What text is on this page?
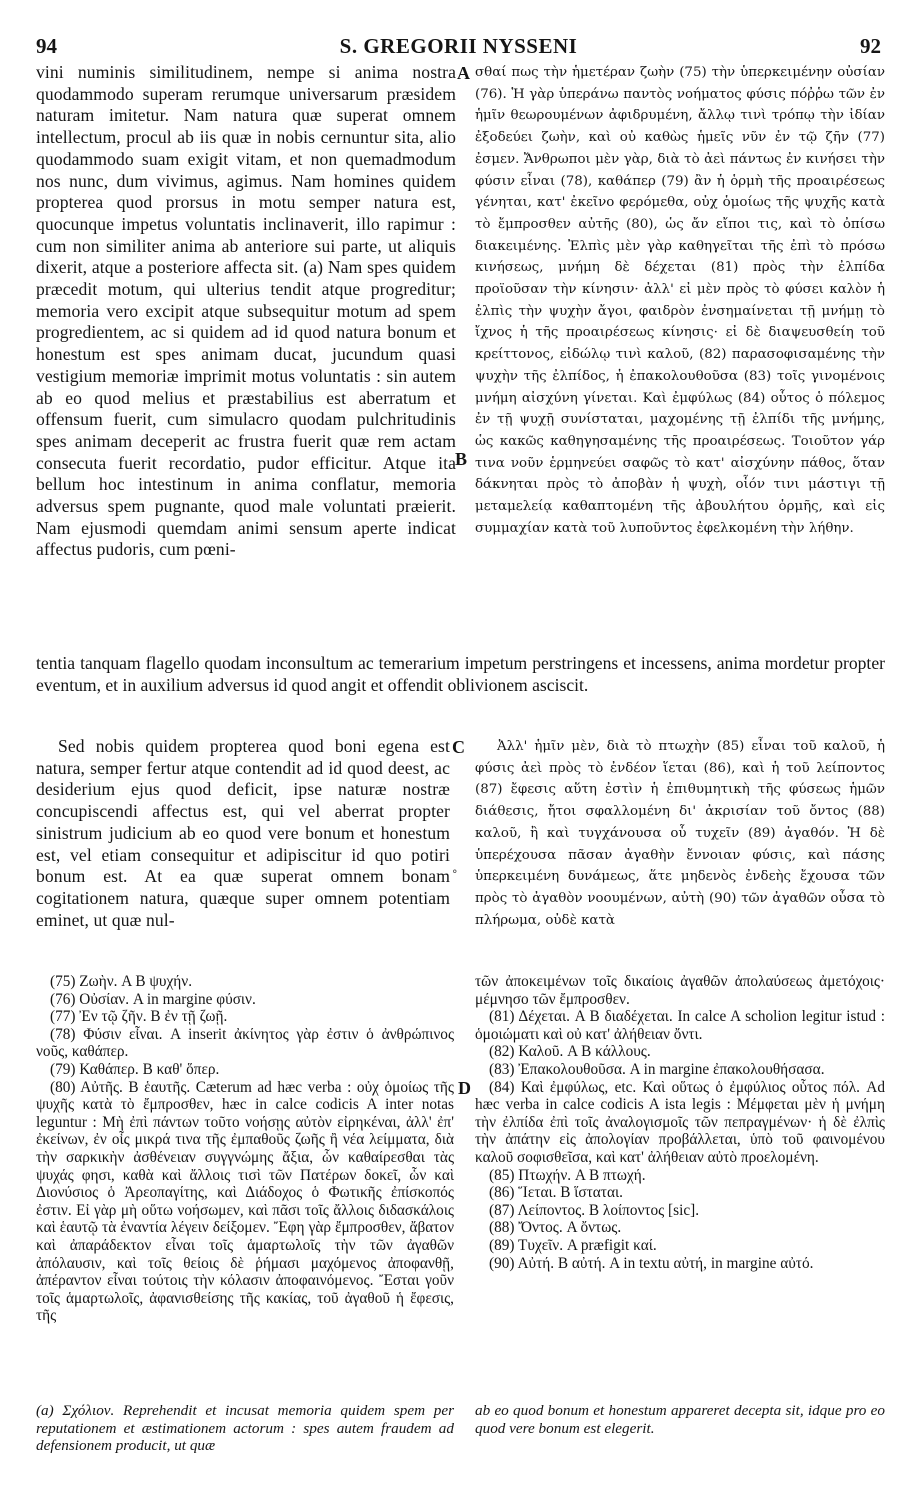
94	S. GREGORII NYSSENI	92
vini numinis similitudinem, nempe si anima nostra quodammodo superam rerumque universarum præsidem naturam imitetur. Nam natura quæ superat omnem intellectum, procul ab iis quæ in nobis cernuntur sita, alio quodammodo suam exigit vitam, et non quemadmodum nos nunc, dum vivimus, agimus. Nam homines quidem propterea quod prorsus in motu semper natura est, quocunque impetus voluntatis inclinaverit, illo rapimur : cum non similiter anima ab anteriore sui parte, ut aliquis dixerit, atque a posteriore affecta sit. (a) Nam spes quidem præcedit motum, qui ulterius tendit atque progreditur; memoria vero excipit atque subsequitur motum ad spem progredientem, ac si quidem ad id quod natura bonum et honestum est spes animam ducat, jucundum quasi vestigium memoriæ imprimit motus voluntatis : sin autem ab eo quod melius et præstabilius est aberratum et offensum fuerit, cum simulacro quodam pulchritudinis spes animam deceperit ac frustra fuerit quæ rem actam consecuta fuerit recordatio, pudor efficitur. Atque ita bellum hoc intestinum in anima conflatur, memoria adversus spem pugnante, quod male voluntati præierit. Nam ejusmodi quemdam animi sensum aperte indicat affectus pudoris, cum pœni-
A
B
σθαί πως τὴν ἡμετέραν ζωὴν (75) τὴν ὑπερκειμένην οὐσίαν (76). Ἡ γὰρ ὑπεράνω παντὸς νοήματος φύσις πόῤῥω τῶν ἐν ἡμῖν θεωρουμένων ἀφιδρυμένη, ἄλλῳ τινὶ τρόπῳ τὴν ἰδίαν ἐξοδεύει ζωὴν, καὶ οὐ καθὼς ἡμεῖς νῦν ἐν τῷ ζῆν (77) ἐσμεν. Ἄνθρωποι μὲν γὰρ, διὰ τὸ ἀεὶ πάντως ἐν κινήσει τὴν φύσιν εἶναι (78), καθάπερ (79) ἂν ἡ ὁρμὴ τῆς προαιρέσεως γένηται, κατ' ἐκεῖνο φερόμεθα, οὐχ ὁμοίως τῆς ψυχῆς κατὰ τὸ ἔμπροσθεν αὐτῆς (80), ὡς ἄν εἴποι τις, καὶ τὸ ὀπίσω διακειμένης. Ἐλπὶς μὲν γὰρ καθηγεῖται τῆς ἐπὶ τὸ πρόσω κινήσεως, μνήμη δὲ δέχεται (81) πρὸς τὴν ἐλπίδα προϊοῦσαν τὴν κίνησιν· ἀλλ' εἰ μὲν πρὸς τὸ φύσει καλὸν ἡ ἐλπὶς τὴν ψυχὴν ἄγοι, φαιδρὸν ἐνσημαίνεται τῇ μνήμῃ τὸ ἴχνος ἡ τῆς προαιρέσεως κίνησις· εἰ δὲ διαψευσθείη τοῦ κρείττονος, εἰδώλῳ τινὶ καλοῦ, (82) παρασοφισαμένης τὴν ψυχὴν τῆς ἐλπίδος, ἡ ἐπακολουθοῦσα (83) τοῖς γινομένοις μνήμη αἰσχύνη γίνεται. Καὶ ἐμφύλως (84) οὗτος ὁ πόλεμος ἐν τῇ ψυχῇ συνίσταται, μαχομένης τῇ ἐλπίδι τῆς μνήμης, ὡς κακῶς καθηγησαμένης τῆς προαιρέσεως. Τοιοῦτον γάρ τινα νοῦν ἑρμηνεύει σαφῶς τὸ κατ' αἰσχύνην πάθος, ὅταν δάκνηται πρὸς τὸ ἀποβὰν ἡ ψυχὴ, οἷόν τινι μάστιγι τῇ μεταμελείᾳ καθαπτομένη τῆς ἀβουλήτου ὁρμῆς, καὶ εἰς συμμαχίαν κατὰ τοῦ λυποῦντος ἐφελκομένη τὴν λήθην.
tentia tanquam flagello quodam inconsultum ac temerarium impetum perstringens et incessens, anima mordetur propter eventum, et in auxilium adversus id quod angit et offendit oblivionem asciscit.
Sed nobis quidem propterea quod boni egena est natura, semper fertur atque contendit ad id quod deest, ac desiderium ejus quod deficit, ipse naturæ nostræ concupiscendi affectus est, qui vel aberrat propter sinistrum judicium ab eo quod vere bonum et honestum est, vel etiam consequitur et adipiscitur id quo potiri bonum est. At ea quæ superat omnem bonam cogitationem natura, quæque super omnem potentiam eminet, ut quæ nul-
C
°
Ἀλλ' ἡμῖν μὲν, διὰ τὸ πτωχὴν (85) εἶναι τοῦ καλοῦ, ἡ φύσις ἀεὶ πρὸς τὸ ἐνδέον ἵεται (86), καὶ ἡ τοῦ λείποντος (87) ἔφεσις αὕτη ἐστὶν ἡ ἐπιθυμητικὴ τῆς φύσεως ἡμῶν διάθεσις, ἤτοι σφαλλομένη δι' ἀκρισίαν τοῦ ὄντος (88) καλοῦ, ἢ καὶ τυγχάνουσα οὗ τυχεῖν (89) ἀγαθόν. Ἡ δὲ ὑπερέχουσα πᾶσαν ἀγαθὴν ἔννοιαν φύσις, καὶ πάσης ὑπερκειμένη δυνάμεως, ἅτε μηδενὸς ἐνδεὴς ἔχουσα τῶν πρὸς τὸ ἀγαθὸν νοουμένων, αὐτὴ (90) τῶν ἀγαθῶν οὖσα τὸ πλήρωμα, οὐδὲ κατὰ

(75) Ζωὴν. A B ψυχήν.

(76) Οὐσίαν. A in margine φύσιν.

(77) Ἐν τῷ ζῆν. B ἐν τῇ ζωῇ.

(78) Φύσιν εἶναι. A inserit ἀκίνητος γὰρ ἐστιν ὁ ἀνθρώπινος νοῦς, καθάπερ.

(79) Καθάπερ. B καθ' ὅπερ.

(80) Αὐτῆς. B ἑαυτῆς. Cæterum ad hæc verba : οὐχ ὁμοίως τῆς ψυχῆς κατὰ τὸ ἔμπροσθεν, hæc in calce codicis A inter notas leguntur : Μὴ ἐπὶ πάντων τοῦτο νοήσῃς αὐτὸν εἰρηκέναι, ἀλλ' ἐπ' ἐκείνων, ἐν οἷς μικρά τινα τῆς ἐμπαθοῦς ζωῆς ἢ νέα λείμματα, διὰ τὴν σαρκικὴν ἀσθένειαν συγγνώμης ἄξια, ὧν καθαίρεσθαι τὰς ψυχάς φησι, καθὰ καὶ ἄλλοις τισὶ τῶν Πατέρων δοκεῖ, ὧν καὶ Διονύσιος ὁ Ἀρεοπαγίτης, καὶ Διάδοχος ὁ Φωτικῆς ἐπίσκοπός ἐστιν. Εἰ γὰρ μὴ οὕτω νοήσωμεν, καὶ πᾶσι τοῖς ἄλλοις διδασκάλοις καὶ ἑαυτῷ τὰ ἐναντία λέγειν δείξομεν. Ἔφη γὰρ ἔμπροσθεν, ἄβατον καὶ ἀπαράδεκτον εἶναι τοῖς ἁμαρτωλοῖς τὴν τῶν ἀγαθῶν ἀπόλαυσιν, καὶ τοῖς θείοις δὲ ῥήμασι μαχόμενος ἀποφανθῇ, ἀπέραντον εἶναι τούτοις τὴν κόλασιν ἀποφαινόμενος. Ἔσται γοῦν τοῖς ἁμαρτωλοῖς, ἀφανισθείσης τῆς κακίας, τοῦ ἀγαθοῦ ἡ ἔφεσις, τῆς

D

τῶν ἀποκειμένων τοῖς δικαίοις ἀγαθῶν ἀπολαύσεως ἀμετόχοις· μέμνησο τῶν ἔμπροσθεν.

(81) Δέχεται. A B διαδέχεται. In calce A scholion legitur istud : ὁμοιώματι καὶ οὐ κατ' ἀλήθειαν ὄντι.

(82) Καλοῦ. A B κάλλους.

(83) Ἐπακολουθοῦσα. A in margine ἐπακολουθήσασα.

(84) Καὶ ἐμφύλως, etc. Καὶ οὕτως ὁ ἐμφύλιος οὗτος πόλ. Ad hæc verba in calce codicis A ista legis : Μέμφεται μὲν ἡ μνήμη τὴν ἐλπίδα ἐπὶ τοῖς ἀναλογισμοῖς τῶν πεπραγμένων· ἡ δὲ ἐλπὶς τὴν ἀπάτην εἰς ἀπολογίαν προβάλλεται, ὑπὸ τοῦ φαινομένου καλοῦ σοφισθεῖσα, καὶ κατ' ἀλήθειαν αὐτὸ προελομένη.

(85) Πτωχήν. A B πτωχή.

(86) Ἵεται. B ἵσταται.

(87) Λείποντος. B λοίποντος [sic].

(88) Ὄντος. A ὄντως.

(89) Τυχεῖν. A præfigit καί.

(90) Αὐτή. B αὐτή. A in textu αὐτή, in margine αὐτό.

(a) Σχόλιον. Reprehendit et incusat memoria quidem spem per reputationem et æstimationem actorum : spes autem fraudem ad defensionem producit, ut quæ
ab eo quod bonum et honestum appareret decepta sit, idque pro eo quod vere bonum est elegerit.
